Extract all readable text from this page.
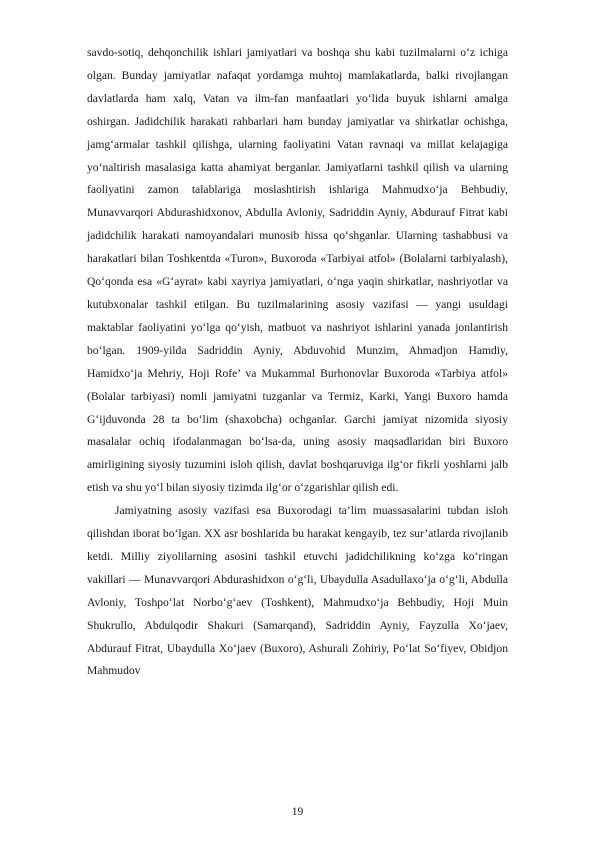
savdo-sotiq, dehqonchilik ishlari jamiyatlari va boshqa shu kabi tuzilmalarni o‘z ichiga olgan. Bunday jamiyatlar nafaqat yordamga muhtoj mamlakatlarda, balki rivojlangan davlatlarda ham xalq, Vatan va ilm-fan manfaatlari yo‘lida buyuk ishlarni amalga oshirgan. Jadidchilik harakati rahbarlari ham bunday jamiyatlar va shirkatlar ochishga, jamg‘armalar tashkil qilishga, ularning faoliyatini Vatan ravnaqi va millat kelajagiga yo‘naltirish masalasiga katta ahamiyat berganlar. Jamiyatlarni tashkil qilish va ularning faoliyatini zamon talablariga moslashtirish ishlariga Mahmudxo‘ja Behbudiy, Munavvarqori Abdurashidxonov, Abdulla Avloniy, Sadriddin Ayniy, Abdurauf Fitrat kabi jadidchilik harakati namoyandalari munosib hissa qo‘shganlar. Ularning tashabbusi va harakatlari bilan Toshkentda «Turon», Buxoroda «Tarbiyai atfol» (Bolalarni tarbiyalash), Qo‘qonda esa «G‘ayrat» kabi xayriya jamiyatlari, o‘nga yaqin shirkatlar, nashriyotlar va kutubxonalar tashkil etilgan. Bu tuzilmalarining asosiy vazifasi — yangi usuldagi maktablar faoliyatini yo‘lga qo‘yish, matbuot va nashriyot ishlarini yanada jonlantirish bo‘lgan. 1909-yilda Sadriddin Ayniy, Abduvohid Munzim, Ahmadjon Hamdiy, Hamidxo‘ja Mehriy, Hoji Rofe’ va Mukammal Burhonovlar Buxoroda «Tarbiya atfol» (Bolalar tarbiyasi) nomli jamiyatni tuzganlar va Termiz, Karki, Yangi Buxoro hamda G‘ijduvonda 28 ta bo‘lim (shaxobcha) ochganlar. Garchi jamiyat nizomida siyosiy masalalar ochiq ifodalanmagan bo‘lsa-da, uning asosiy maqsadlaridan biri Buxoro amirligining siyosiy tuzumini isloh qilish, davlat boshqaruviga ilg‘or fikrli yoshlarni jalb etish va shu yo‘l bilan siyosiy tizimda ilg‘or o‘zgarishlar qilish edi.

Jamiyatning asosiy vazifasi esa Buxorodagi ta’lim muassasalarini tubdan isloh qilishdan iborat bo‘lgan. XX asr boshlarida bu harakat kengayib, tez sur’atlarda rivojlanib ketdi. Milliy ziyolilarning asosini tashkil etuvchi jadidchilikning ko‘zga ko‘ringan vakillari — Munavvarqori Abdurashidxon o‘g‘li, Ubaydulla Asadullaxo‘ja o‘g‘li, Abdulla Avloniy, Toshpo‘lat Norbo‘g‘aev (Toshkent), Mahmudxo‘ja Behbudiy, Hoji Muin Shukrullo, Abdulqodir Shakuri (Samarqand), Sadriddin Ayniy, Fayzulla Xo‘jaev, Abdurauf Fitrat, Ubaydulla Xo‘jaev (Buxoro), Ashurali Zohiriy, Po‘lat So‘fiyev, Obidjon Mahmudov

19
